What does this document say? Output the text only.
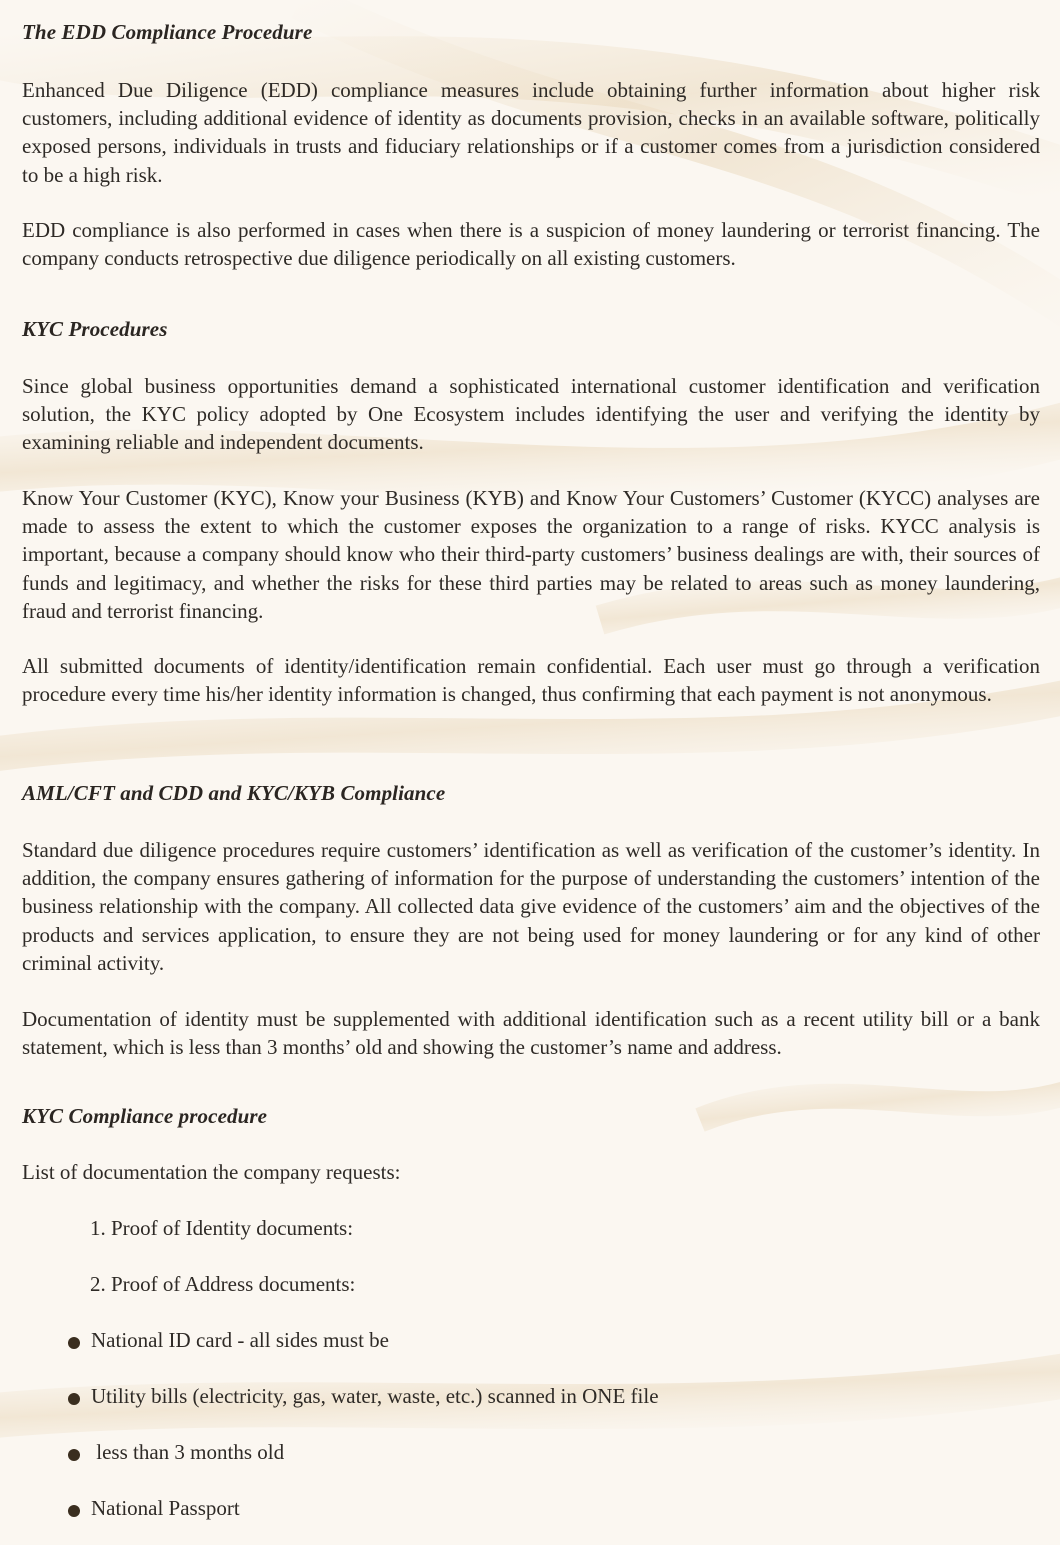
The EDD Compliance Procedure

Enhanced Due Diligence (EDD) compliance measures include obtaining further information about higher risk customers, including additional evidence of identity as documents provision, checks in an available software, politically exposed persons, individuals in trusts and fiduciary relationships or if a customer comes from a jurisdiction considered to be a high risk.

EDD compliance is also performed in cases when there is a suspicion of money laundering or terrorist financing. The company conducts retrospective due diligence periodically on all existing customers.

KYC Procedures

Since global business opportunities demand a sophisticated international customer identification and verification solution, the KYC policy adopted by One Ecosystem includes identifying the user and verifying the identity by examining reliable and independent documents.

Know Your Customer (KYC), Know your Business (KYB) and Know Your Customers’ Customer (KYCC) analyses are made to assess the extent to which the customer exposes the organization to a range of risks. KYCC analysis is important, because a company should know who their third-party customers’ business dealings are with, their sources of funds and legitimacy, and whether the risks for these third parties may be related to areas such as money laundering, fraud and terrorist financing.

All submitted documents of identity/identification remain confidential. Each user must go through a verification procedure every time his/her identity information is changed, thus confirming that each payment is not anonymous.

AML/CFT and CDD and KYC/KYB Compliance

Standard due diligence procedures require customers’ identification as well as verification of the customer’s identity. In addition, the company ensures gathering of information for the purpose of understanding the customers’ intention of the business relationship with the company. All collected data give evidence of the customers’ aim and the objectives of the products and services application, to ensure they are not being used for money laundering or for any kind of other criminal activity.

Documentation of identity must be supplemented with additional identification such as a recent utility bill or a bank statement, which is less than 3 months’ old and showing the customer’s name and address.

KYC Compliance procedure

List of documentation the company requests:

1. Proof of Identity documents:

2. Proof of Address documents:

National ID card - all sides must be

Utility bills (electricity, gas, water, waste, etc.) scanned in ONE file

less than 3 months old

National Passport
